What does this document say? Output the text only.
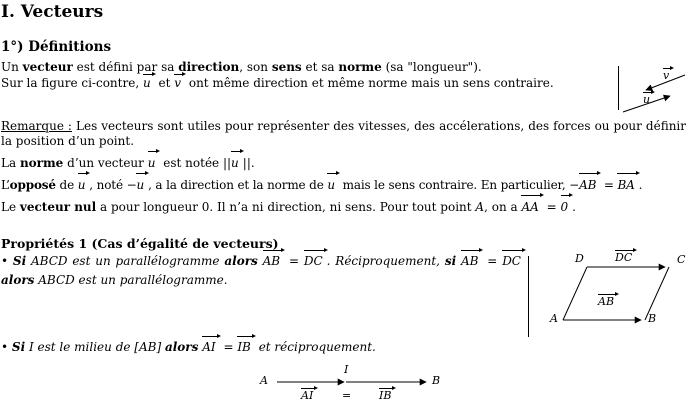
I. Vecteurs
1°) Définitions
Un vecteur est défini par sa direction, son sens et sa norme (sa "longueur").
Sur la figure ci-contre, u et v ont même direction et même norme mais un sens contraire.
v
u
Remarque : Les vecteurs sont utiles pour représenter des vitesses, des accélerations, des forces ou pour définir la position d’un point.
La norme d’un vecteur u est notée ||u ||.
L’opposé de u , noté −u , a la direction et la norme de u mais le sens contraire. En particulier, −AB = BA .
Le vecteur nul a pour longueur 0. Il n’a ni direction, ni sens. Pour tout point A, on a AA = 0 .
Propriétés 1 (Cas d’égalité de vecteurs)
• Si ABCD est un parallélogramme alors AB = DC . Réciproquement, si AB = DC alors ABCD est un parallélogramme.
D	DC	C
AB
A	B
• Si I est le milieu de [AB] alors AI = IB et réciproquement.
A
I
B
AI	=	IB
